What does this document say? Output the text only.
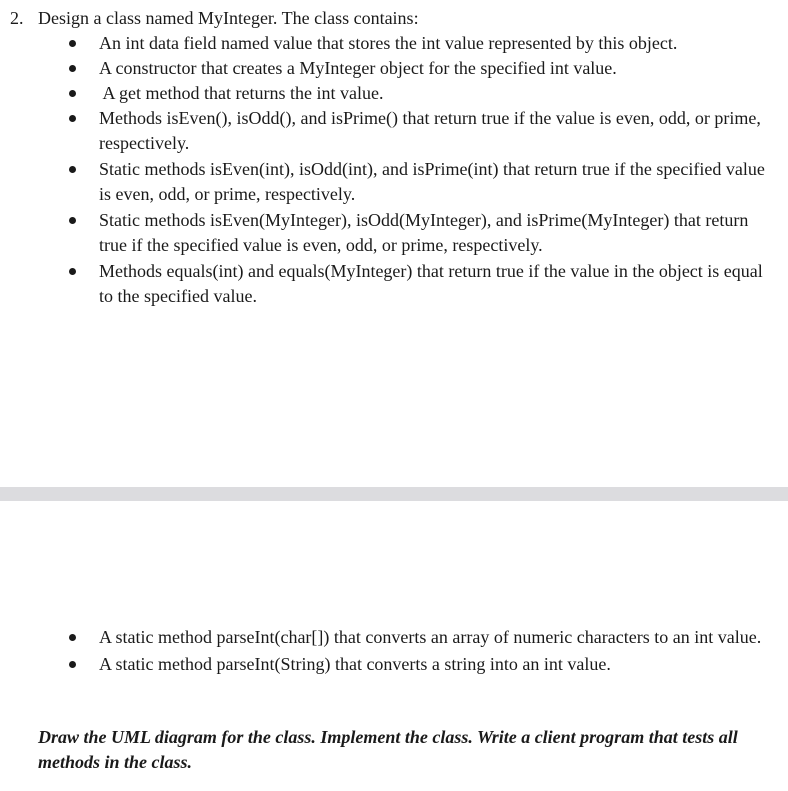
2. Design a class named MyInteger. The class contains:
An int data field named value that stores the int value represented by this object.
A constructor that creates a MyInteger object for the specified int value.
A get method that returns the int value.
Methods isEven(), isOdd(), and isPrime() that return true if the value is even, odd, or prime, respectively.
Static methods isEven(int), isOdd(int), and isPrime(int) that return true if the specified value is even, odd, or prime, respectively.
Static methods isEven(MyInteger), isOdd(MyInteger), and isPrime(MyInteger) that return true if the specified value is even, odd, or prime, respectively.
Methods equals(int) and equals(MyInteger) that return true if the value in the object is equal to the specified value.
A static method parseInt(char[]) that converts an array of numeric characters to an int value.
A static method parseInt(String) that converts a string into an int value.
Draw the UML diagram for the class. Implement the class. Write a client program that tests all methods in the class.
